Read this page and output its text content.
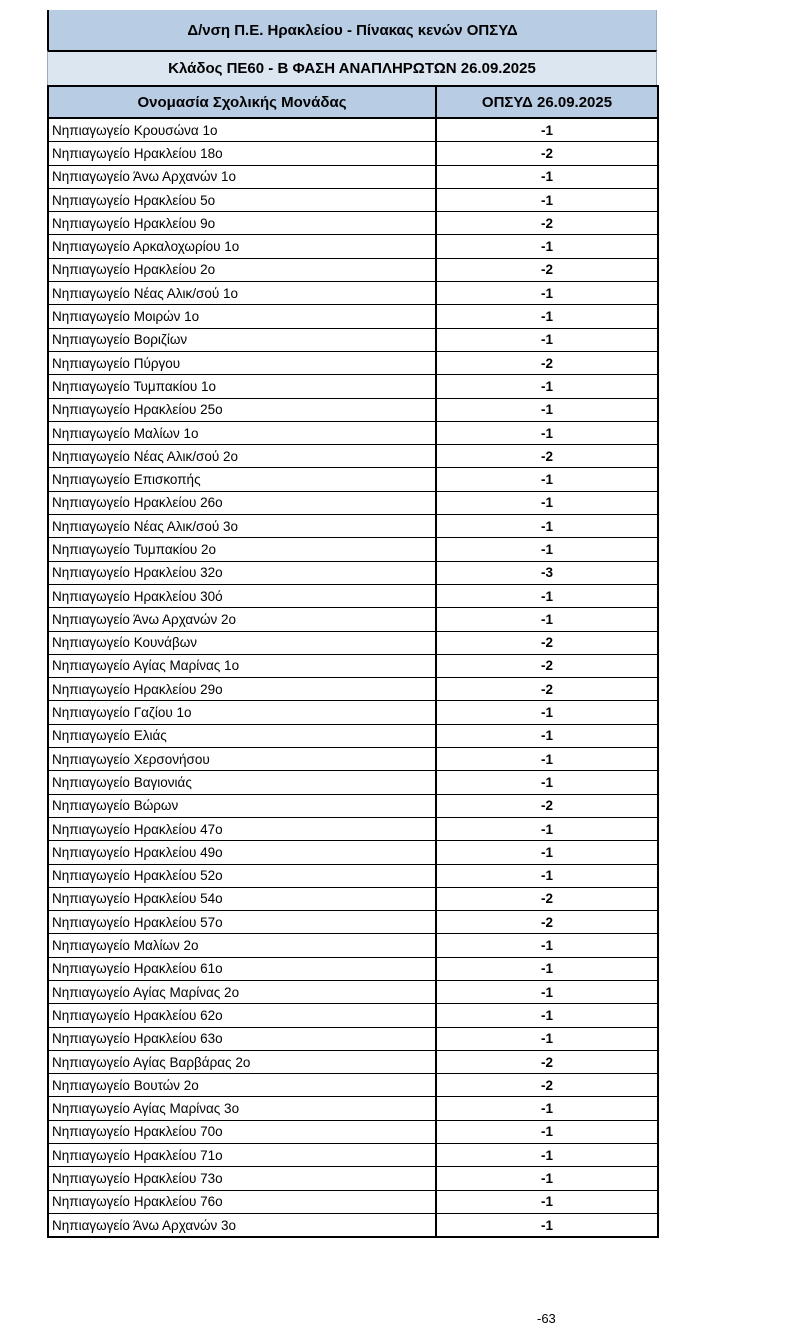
Δ/νση Π.Ε. Ηρακλείου - Πίνακας κενών ΟΠΣΥΔ
Κλάδος ΠΕ60 - Β ΦΑΣΗ ΑΝΑΠΛΗΡΩΤΩΝ 26.09.2025
Ονομασία Σχολικής Μονάδας	ΟΠΣΥΔ 26.09.2025
Νηπιαγωγείο Κρουσώνα 1ο	-1
Νηπιαγωγείο Ηρακλείου 18ο	-2
Νηπιαγωγείο Άνω Αρχανών 1ο	-1
Νηπιαγωγείο Ηρακλείου 5ο	-1
Νηπιαγωγείο Ηρακλείου 9ο	-2
Νηπιαγωγείο Αρκαλοχωρίου 1ο	-1
Νηπιαγωγείο Ηρακλείου 2ο	-2
Νηπιαγωγείο Νέας Αλικ/σού 1ο	-1
Νηπιαγωγείο Μοιρών 1ο	-1
Νηπιαγωγείο Βοριζίων	-1
Νηπιαγωγείο Πύργου	-2
Νηπιαγωγείο Τυμπακίου 1ο	-1
Νηπιαγωγείο Ηρακλείου 25ο	-1
Νηπιαγωγείο Μαλίων 1ο	-1
Νηπιαγωγείο Νέας Αλικ/σού 2ο	-2
Νηπιαγωγείο Επισκοπής	-1
Νηπιαγωγείο Ηρακλείου 26ο	-1
Νηπιαγωγείο Νέας Αλικ/σού 3ο	-1
Νηπιαγωγείο Τυμπακίου 2ο	-1
Νηπιαγωγείο Ηρακλείου 32ο	-3
Νηπιαγωγείο Ηρακλείου 30ό	-1
Νηπιαγωγείο Άνω Αρχανών 2ο	-1
Νηπιαγωγείο Κουνάβων	-2
Νηπιαγωγείο Αγίας Μαρίνας 1ο	-2
Νηπιαγωγείο Ηρακλείου 29ο	-2
Νηπιαγωγείο Γαζίου 1ο	-1
Νηπιαγωγείο Ελιάς	-1
Νηπιαγωγείο Χερσονήσου	-1
Νηπιαγωγείο Βαγιονιάς	-1
Νηπιαγωγείο Βώρων	-2
Νηπιαγωγείο Ηρακλείου 47ο	-1
Νηπιαγωγείο Ηρακλείου 49ο	-1
Νηπιαγωγείο Ηρακλείου 52ο	-1
Νηπιαγωγείο Ηρακλείου 54ο	-2
Νηπιαγωγείο Ηρακλείου 57ο	-2
Νηπιαγωγείο Μαλίων 2ο	-1
Νηπιαγωγείο Ηρακλείου 61ο	-1
Νηπιαγωγείο Αγίας Μαρίνας 2ο	-1
Νηπιαγωγείο Ηρακλείου 62ο	-1
Νηπιαγωγείο Ηρακλείου 63ο	-1
Νηπιαγωγείο Αγίας Βαρβάρας 2ο	-2
Νηπιαγωγείο Βουτών 2ο	-2
Νηπιαγωγείο Αγίας Μαρίνας 3ο	-1
Νηπιαγωγείο Ηρακλείου 70ο	-1
Νηπιαγωγείο Ηρακλείου 71ο	-1
Νηπιαγωγείο Ηρακλείου 73ο	-1
Νηπιαγωγείο Ηρακλείου 76ο	-1
Νηπιαγωγείο Άνω Αρχανών 3ο	-1
-63
